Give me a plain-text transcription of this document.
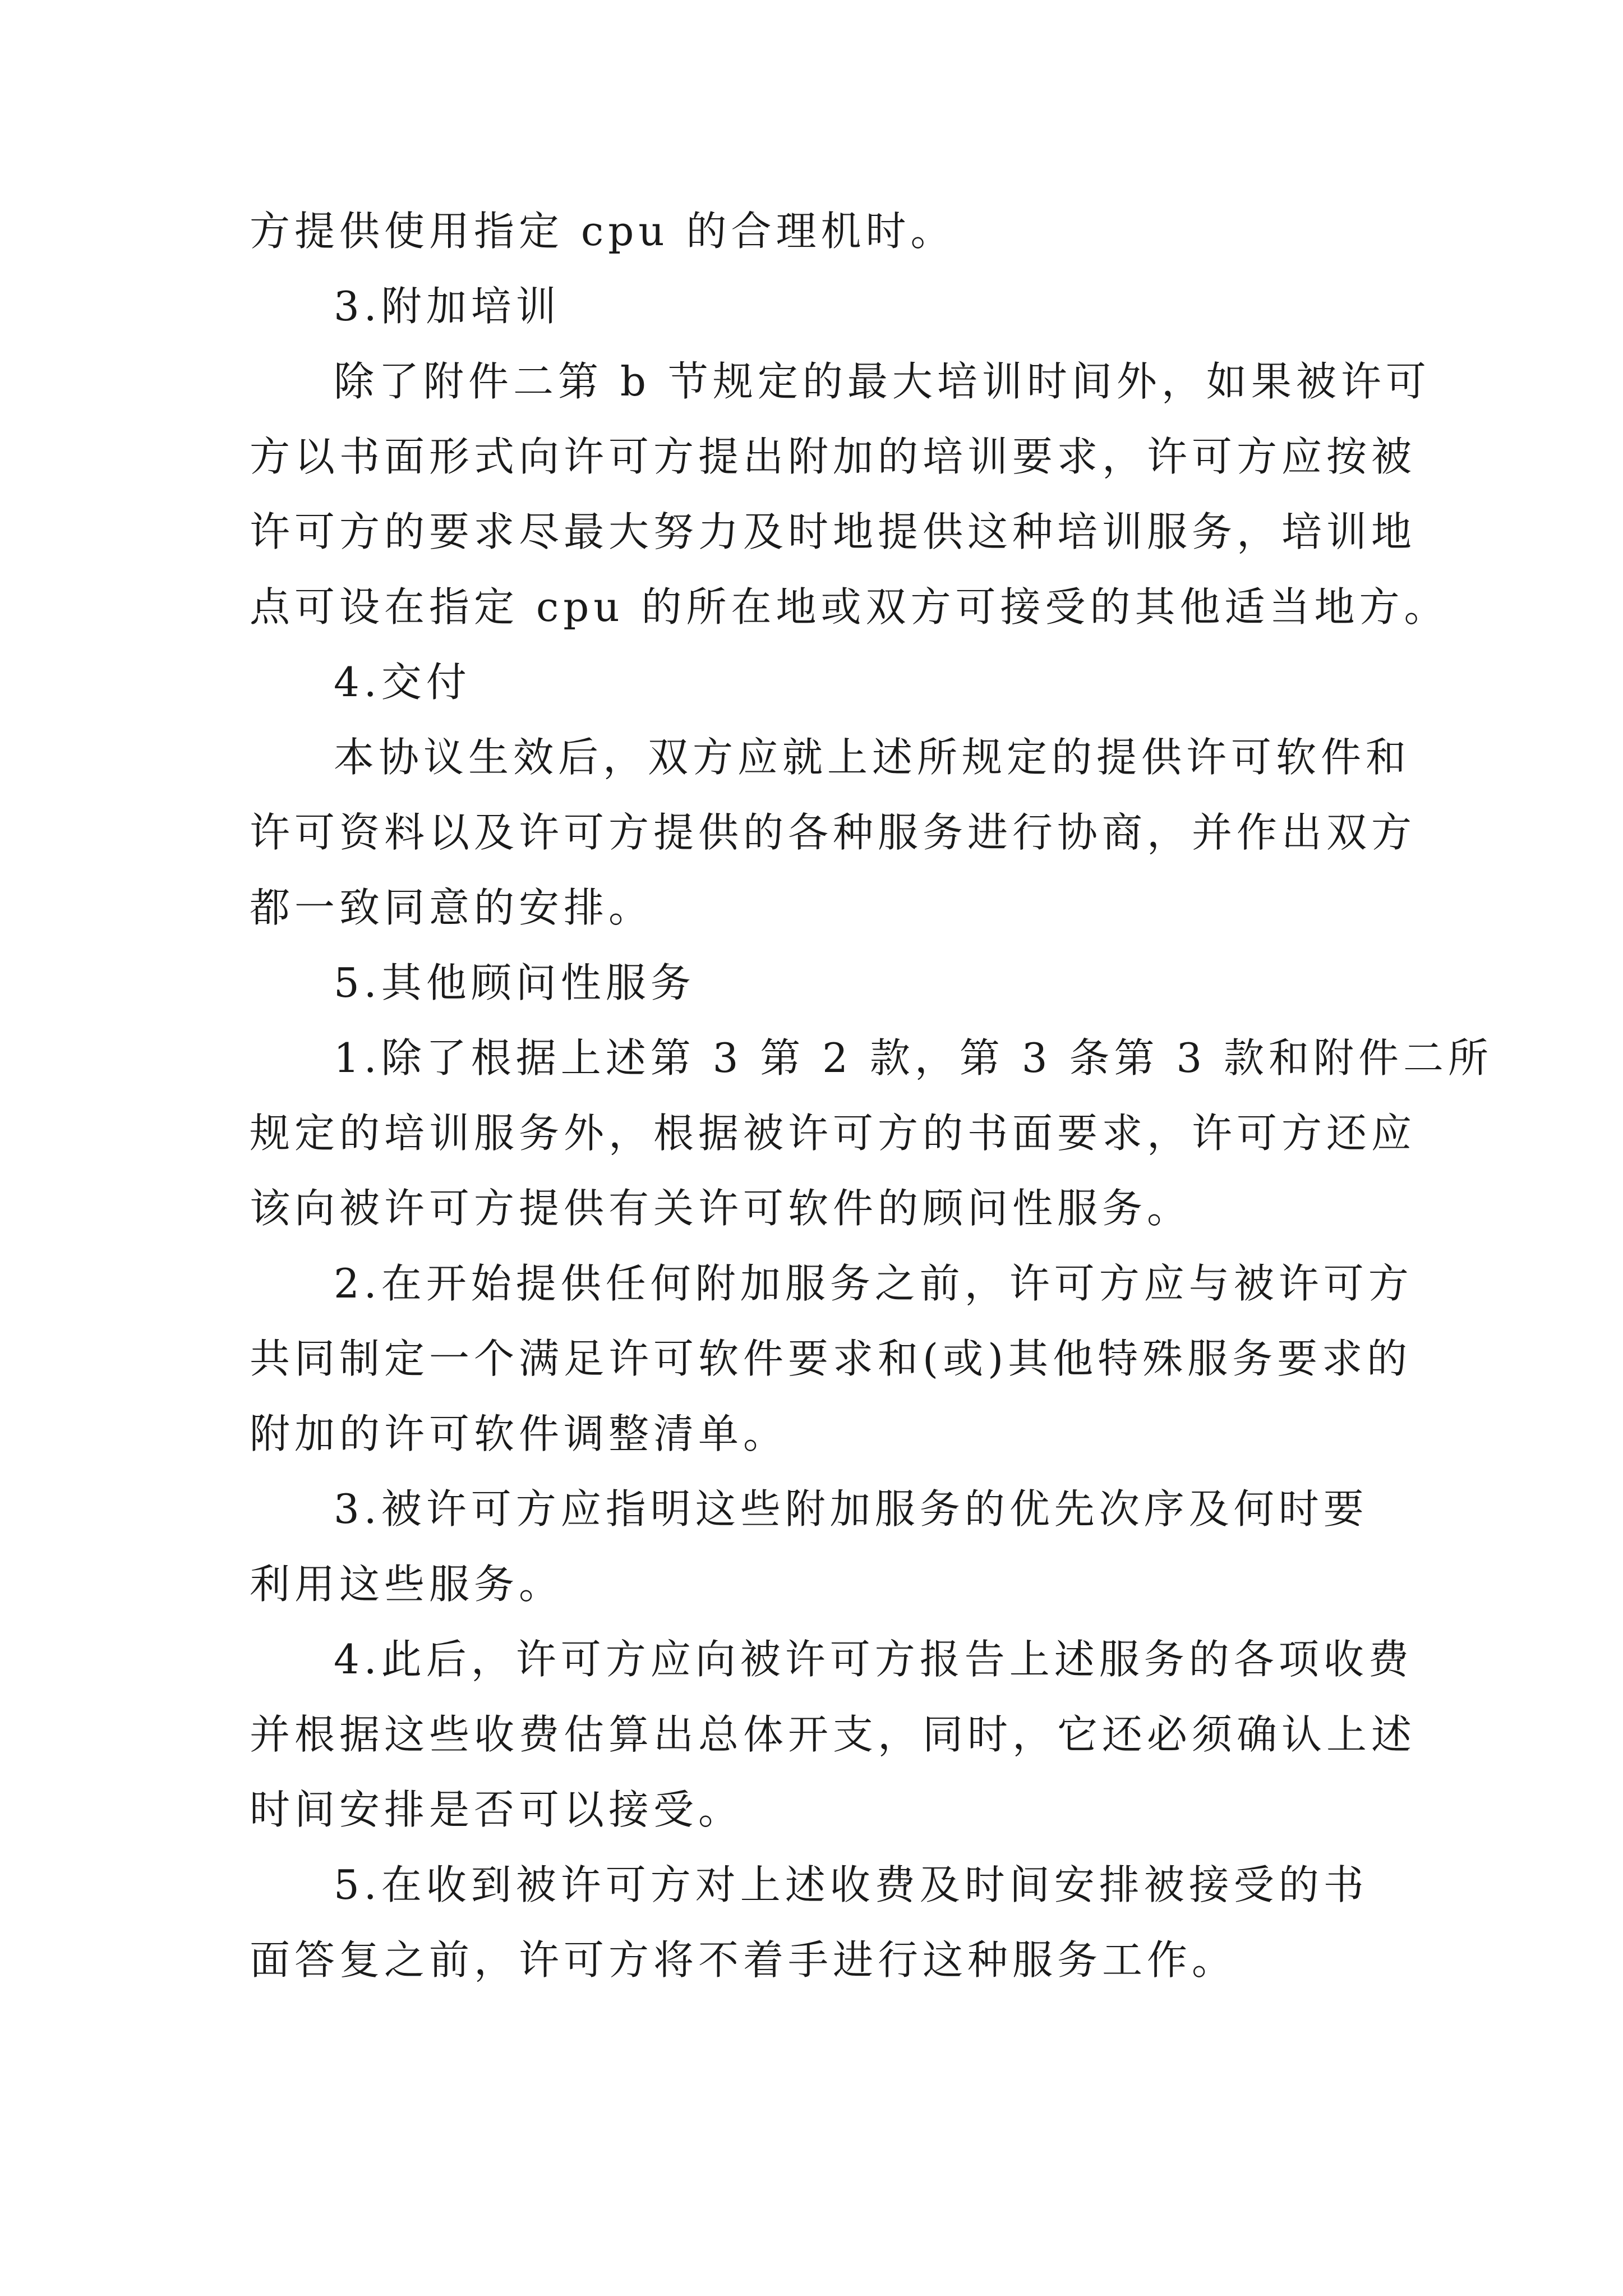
方提供使用指定 cpu 的合理机时。
3.附加培训
除了附件二第 b 节规定的最大培训时间外，如果被许可
方以书面形式向许可方提出附加的培训要求，许可方应按被
许可方的要求尽最大努力及时地提供这种培训服务，培训地
点可设在指定 cpu 的所在地或双方可接受的其他适当地方。
4.交付
本协议生效后，双方应就上述所规定的提供许可软件和
许可资料以及许可方提供的各种服务进行协商，并作出双方
都一致同意的安排。
5.其他顾问性服务
1.除了根据上述第 3 第 2 款，第 3 条第 3 款和附件二所
规定的培训服务外，根据被许可方的书面要求，许可方还应
该向被许可方提供有关许可软件的顾问性服务。
2.在开始提供任何附加服务之前，许可方应与被许可方
共同制定一个满足许可软件要求和(或)其他特殊服务要求的
附加的许可软件调整清单。
3.被许可方应指明这些附加服务的优先次序及何时要
利用这些服务。
4.此后，许可方应向被许可方报告上述服务的各项收费
并根据这些收费估算出总体开支，同时，它还必须确认上述
时间安排是否可以接受。
5.在收到被许可方对上述收费及时间安排被接受的书
面答复之前，许可方将不着手进行这种服务工作。
